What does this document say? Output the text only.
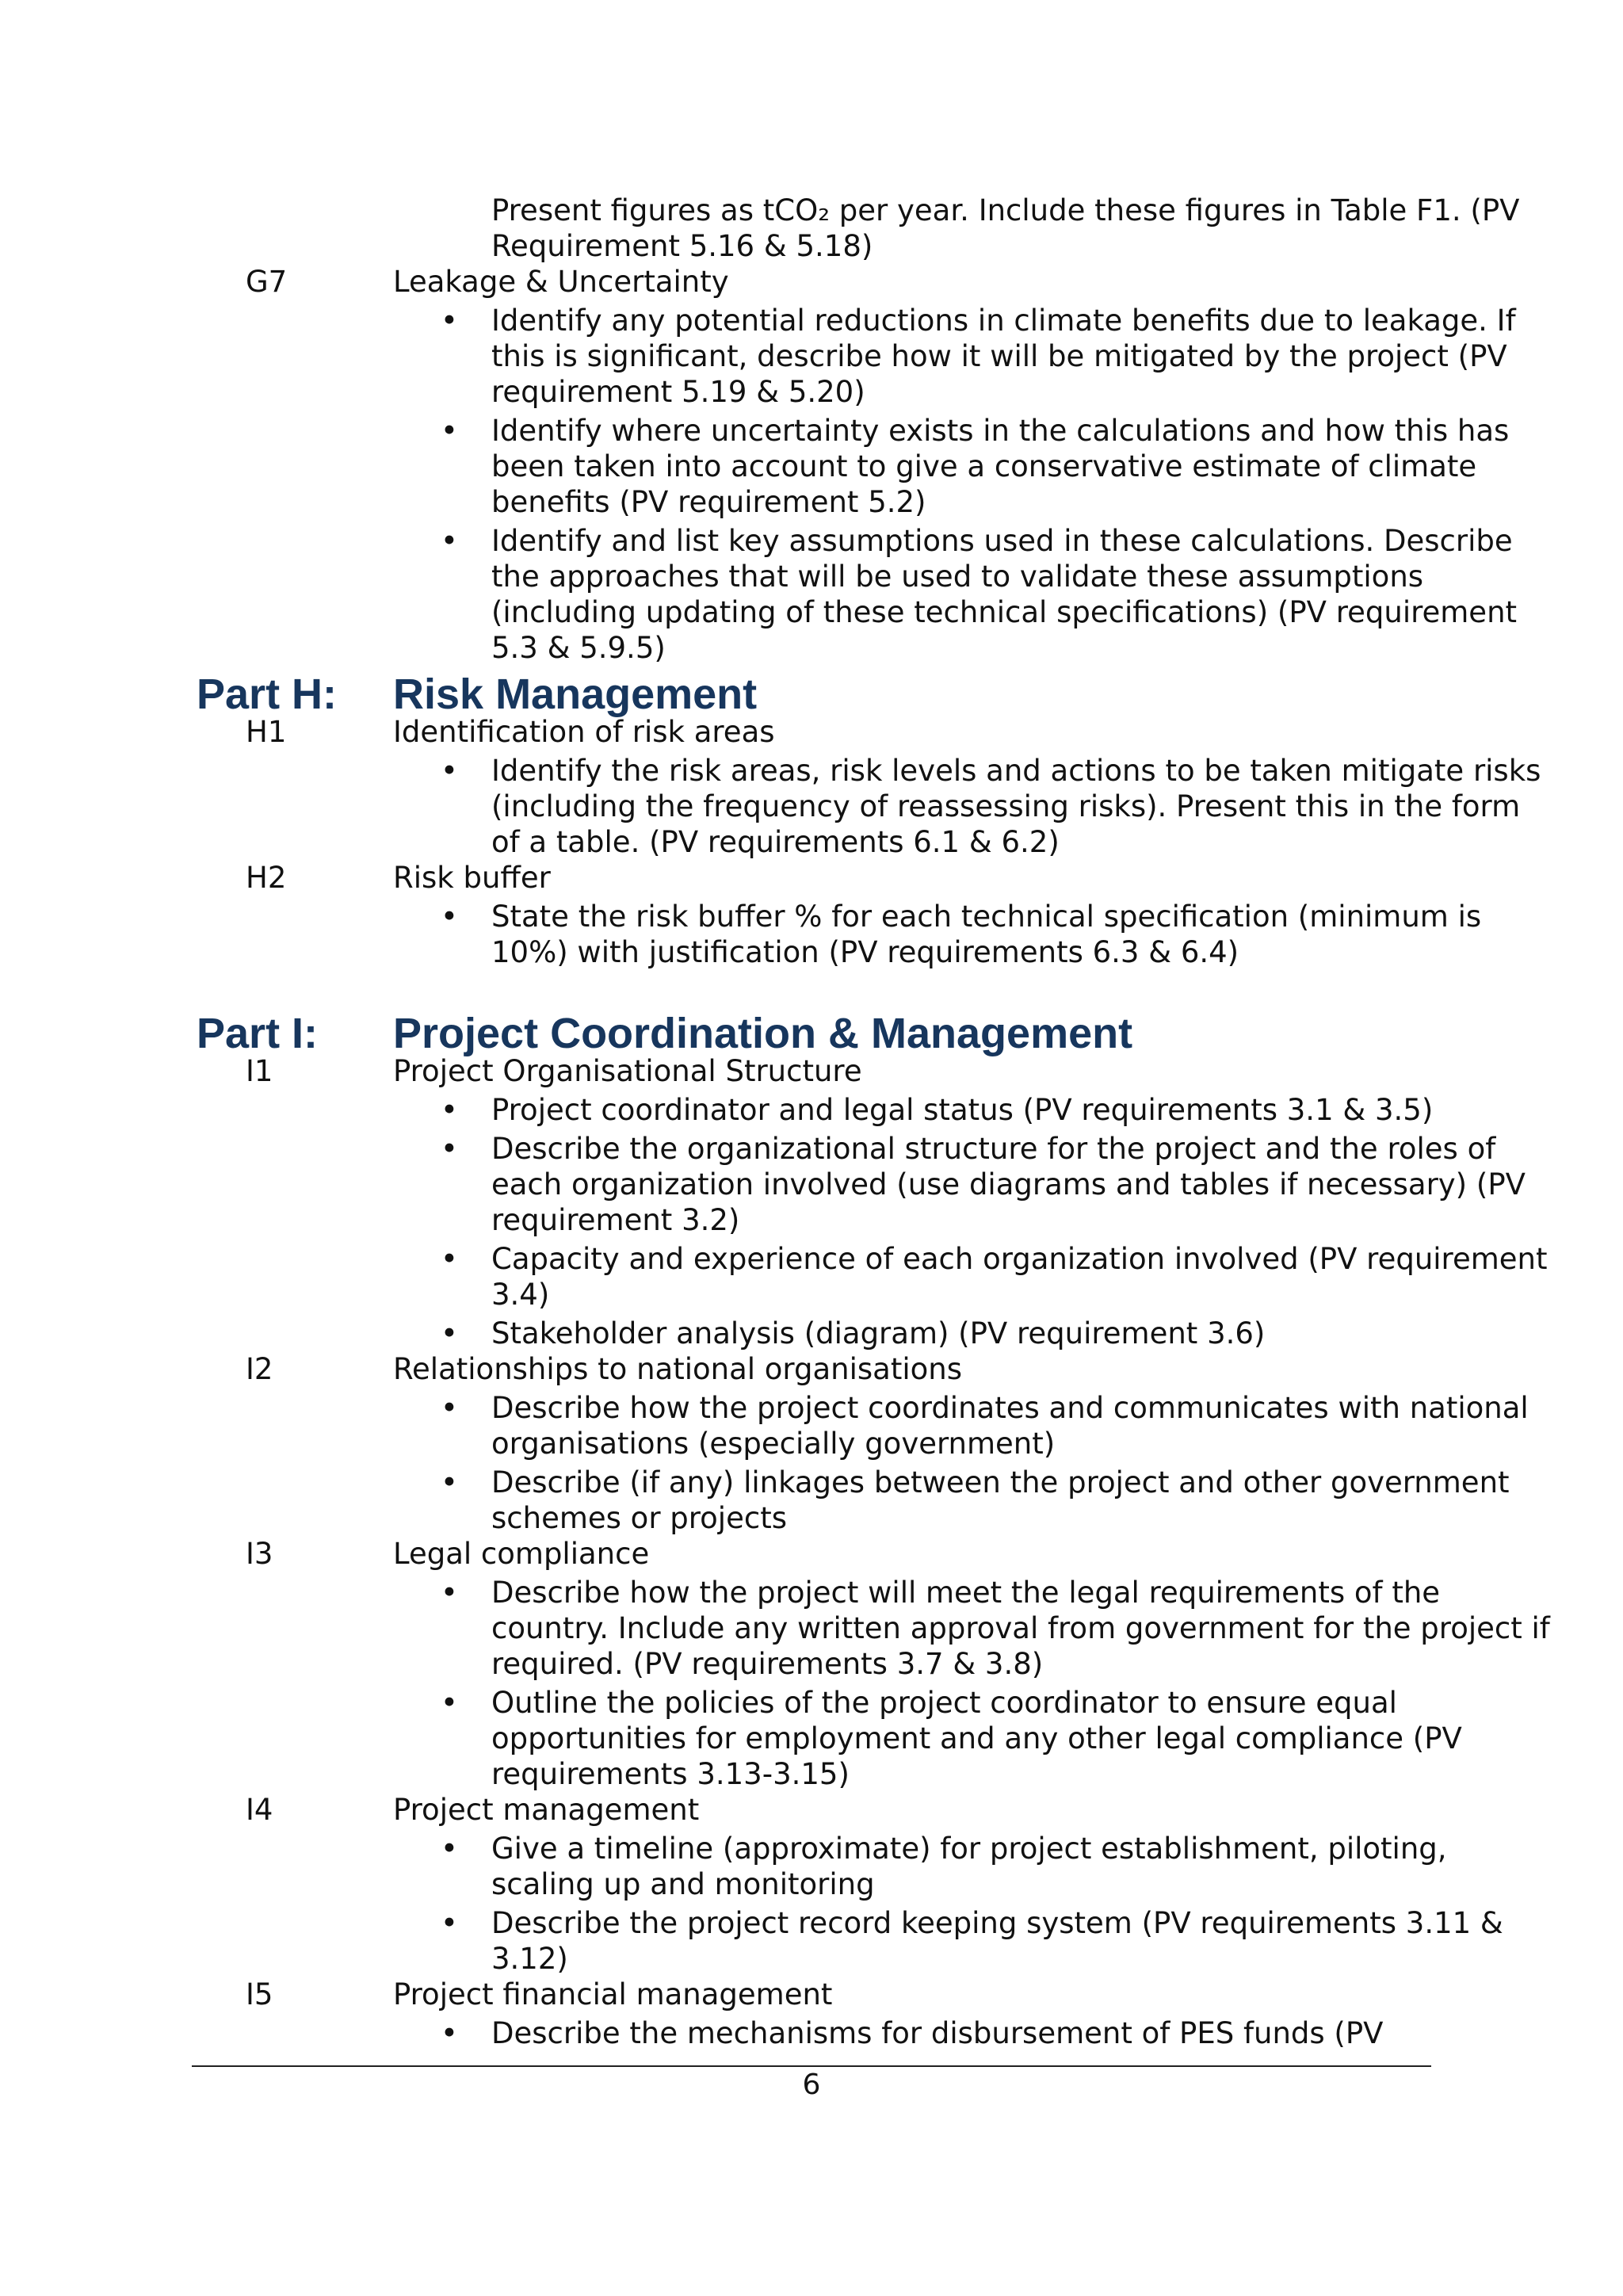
Present figures as tCO₂ per year. Include these figures in Table F1. (PV
Requirement 5.16 & 5.18)
G7	Leakage & Uncertainty
• Identify any potential reductions in climate benefits due to leakage. If
this is significant, describe how it will be mitigated by the project (PV
requirement 5.19 & 5.20)
• Identify where uncertainty exists in the calculations and how this has
been taken into account to give a conservative estimate of climate
benefits (PV requirement 5.2)
• Identify and list key assumptions used in these calculations. Describe
the approaches that will be used to validate these assumptions
(including updating of these technical specifications) (PV requirement
5.3 & 5.9.5)
Part H: Risk Management
H1	Identification of risk areas
• Identify the risk areas, risk levels and actions to be taken mitigate risks
(including the frequency of reassessing risks). Present this in the form
of a table. (PV requirements 6.1 & 6.2)
H2	Risk buffer
• State the risk buffer % for each technical specification (minimum is
10%) with justification (PV requirements 6.3 & 6.4)
Part I: Project Coordination & Management
I1	Project Organisational Structure
• Project coordinator and legal status (PV requirements 3.1 & 3.5)
• Describe the organizational structure for the project and the roles of
each organization involved (use diagrams and tables if necessary) (PV
requirement 3.2)
• Capacity and experience of each organization involved (PV requirement
3.4)
• Stakeholder analysis (diagram) (PV requirement 3.6)
I2	Relationships to national organisations
• Describe how the project coordinates and communicates with national
organisations (especially government)
• Describe (if any) linkages between the project and other government
schemes or projects
I3	Legal compliance
• Describe how the project will meet the legal requirements of the
country. Include any written approval from government for the project if
required. (PV requirements 3.7 & 3.8)
• Outline the policies of the project coordinator to ensure equal
opportunities for employment and any other legal compliance (PV
requirements 3.13-3.15)
I4	Project management
• Give a timeline (approximate) for project establishment, piloting,
scaling up and monitoring
• Describe the project record keeping system (PV requirements 3.11 &
3.12)
I5	Project financial management
• Describe the mechanisms for disbursement of PES funds (PV
6
